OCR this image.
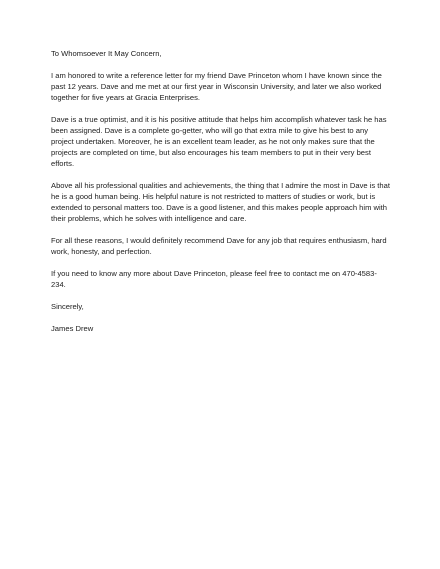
To Whomsoever It May Concern,

I am honored to write a reference letter for my friend Dave Princeton whom I have known since the past 12 years. Dave and me met at our first year in Wisconsin University, and later we also worked together for five years at Gracia Enterprises.

Dave is a true optimist, and it is his positive attitude that helps him accomplish whatever task he has been assigned. Dave is a complete go-getter, who will go that extra mile to give his best to any project undertaken. Moreover, he is an excellent team leader, as he not only makes sure that the projects are completed on time, but also encourages his team members to put in their very best efforts.

Above all his professional qualities and achievements, the thing that I admire the most in Dave is that he is a good human being. His helpful nature is not restricted to matters of studies or work, but is extended to personal matters too. Dave is a good listener, and this makes people approach him with their problems, which he solves with intelligence and care.

For all these reasons, I would definitely recommend Dave for any job that requires enthusiasm, hard work, honesty, and perfection.

If you need to know any more about Dave Princeton, please feel free to contact me on 470-4583-234.

Sincerely,

James Drew
